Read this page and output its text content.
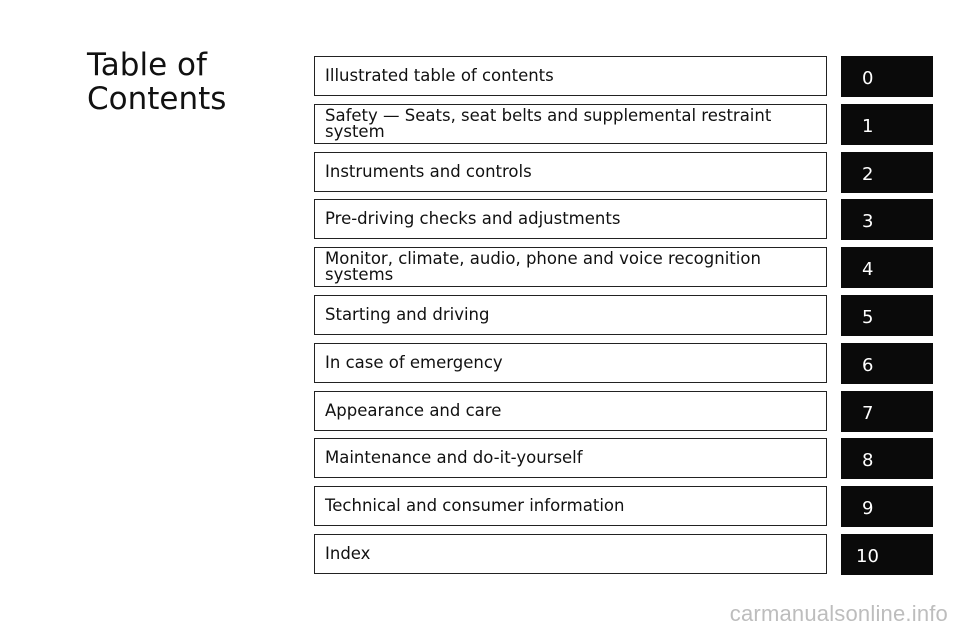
Table of
Contents
Illustrated table of contents	0
Safety — Seats, seat belts and supplemental restraint system	1
Instruments and controls	2
Pre-driving checks and adjustments	3
Monitor, climate, audio, phone and voice recognition systems	4
Starting and driving	5
In case of emergency	6
Appearance and care	7
Maintenance and do-it-yourself	8
Technical and consumer information	9
Index	10
carmanualsonline.info
